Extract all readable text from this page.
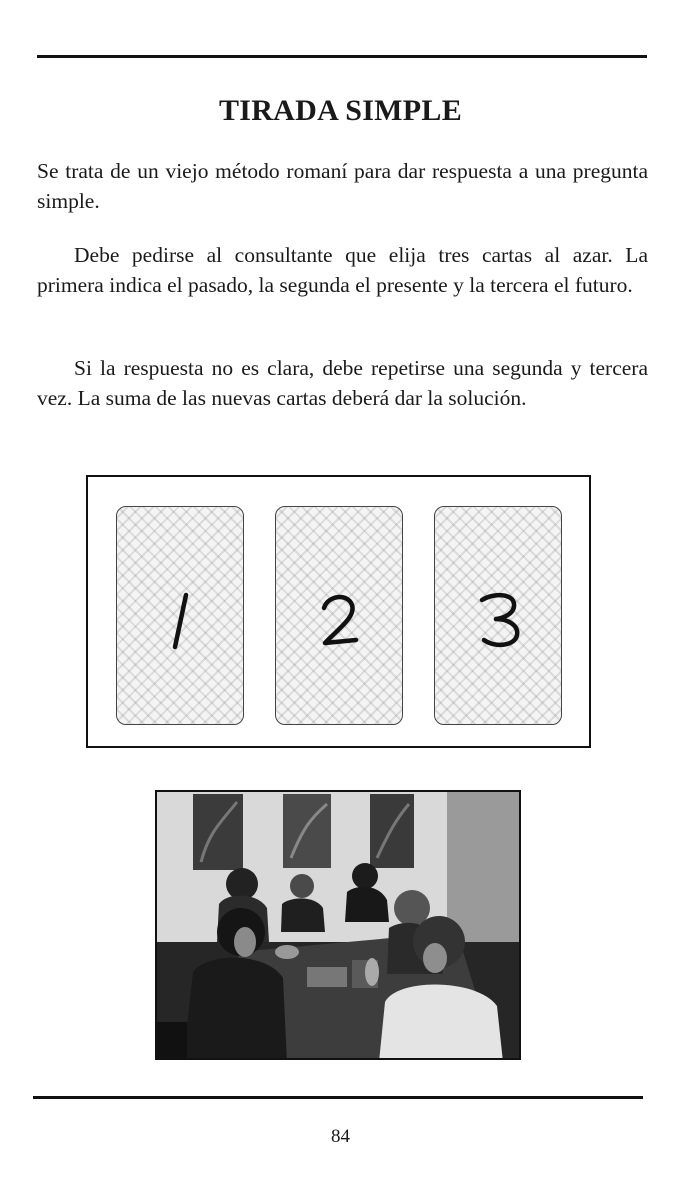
TIRADA SIMPLE

Se trata de un viejo método romaní para dar respuesta a una pregunta simple.

Debe pedirse al consultante que elija tres cartas al azar. La primera indica el pasado, la segunda el presente y la tercera el futuro.

Si la respuesta no es clara, debe repetirse una segunda y tercera vez. La suma de las nuevas cartas deberá dar la solución.

84
